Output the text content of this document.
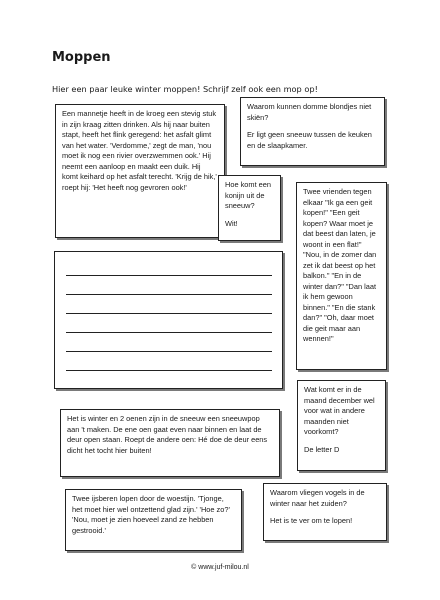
Moppen
Hier een paar leuke winter moppen! Schrijf zelf ook een mop op!

Een mannetje heeft in de kroeg een stevig stuk in zijn kraag zitten drinken. Als hij naar buiten stapt, heeft het flink geregend: het asfalt glimt van het water. 'Verdomme,' zegt de man, 'nou moet ik nog een rivier overzwemmen ook.' Hij neemt een aanloop en maakt een duik. Hij komt keihard op het asfalt terecht. 'Krijg de hik,' roept hij: 'Het heeft nog gevroren ook!'

Waarom kunnen domme blondjes niet skiën?

Er ligt geen sneeuw tussen de keuken en de slaapkamer.

Hoe komt een konijn uit de sneeuw?

Wit!

Twee vrienden tegen elkaar "Ik ga een geit kopen!" "Een geit kopen? Waar moet je dat beest dan laten, je woont in een flat!" "Nou, in de zomer dan zet ik dat beest op het balkon." "En in de winter dan?" "Dan laat ik hem gewoon binnen." "En die stank dan?" "Oh, daar moet die geit maar aan wennen!"

Wat komt er in de maand december wel voor wat in andere maanden niet voorkomt?

De letter D

Het is winter en 2 oenen zijn in de sneeuw een sneeuwpop aan 't maken. De ene oen gaat even naar binnen en laat de deur open staan. Roept de andere oen: Hé doe de deur eens dicht het tocht hier buiten!

Waarom vliegen vogels in de winter naar het zuiden?

Het is te ver om te lopen!

Twee ijsberen lopen door de woestijn. 'Tjonge, het moet hier wel ontzettend glad zijn.' 'Hoe zo?' 'Nou, moet je zien hoeveel zand ze hebben gestrooid.'

© www.juf-milou.nl
